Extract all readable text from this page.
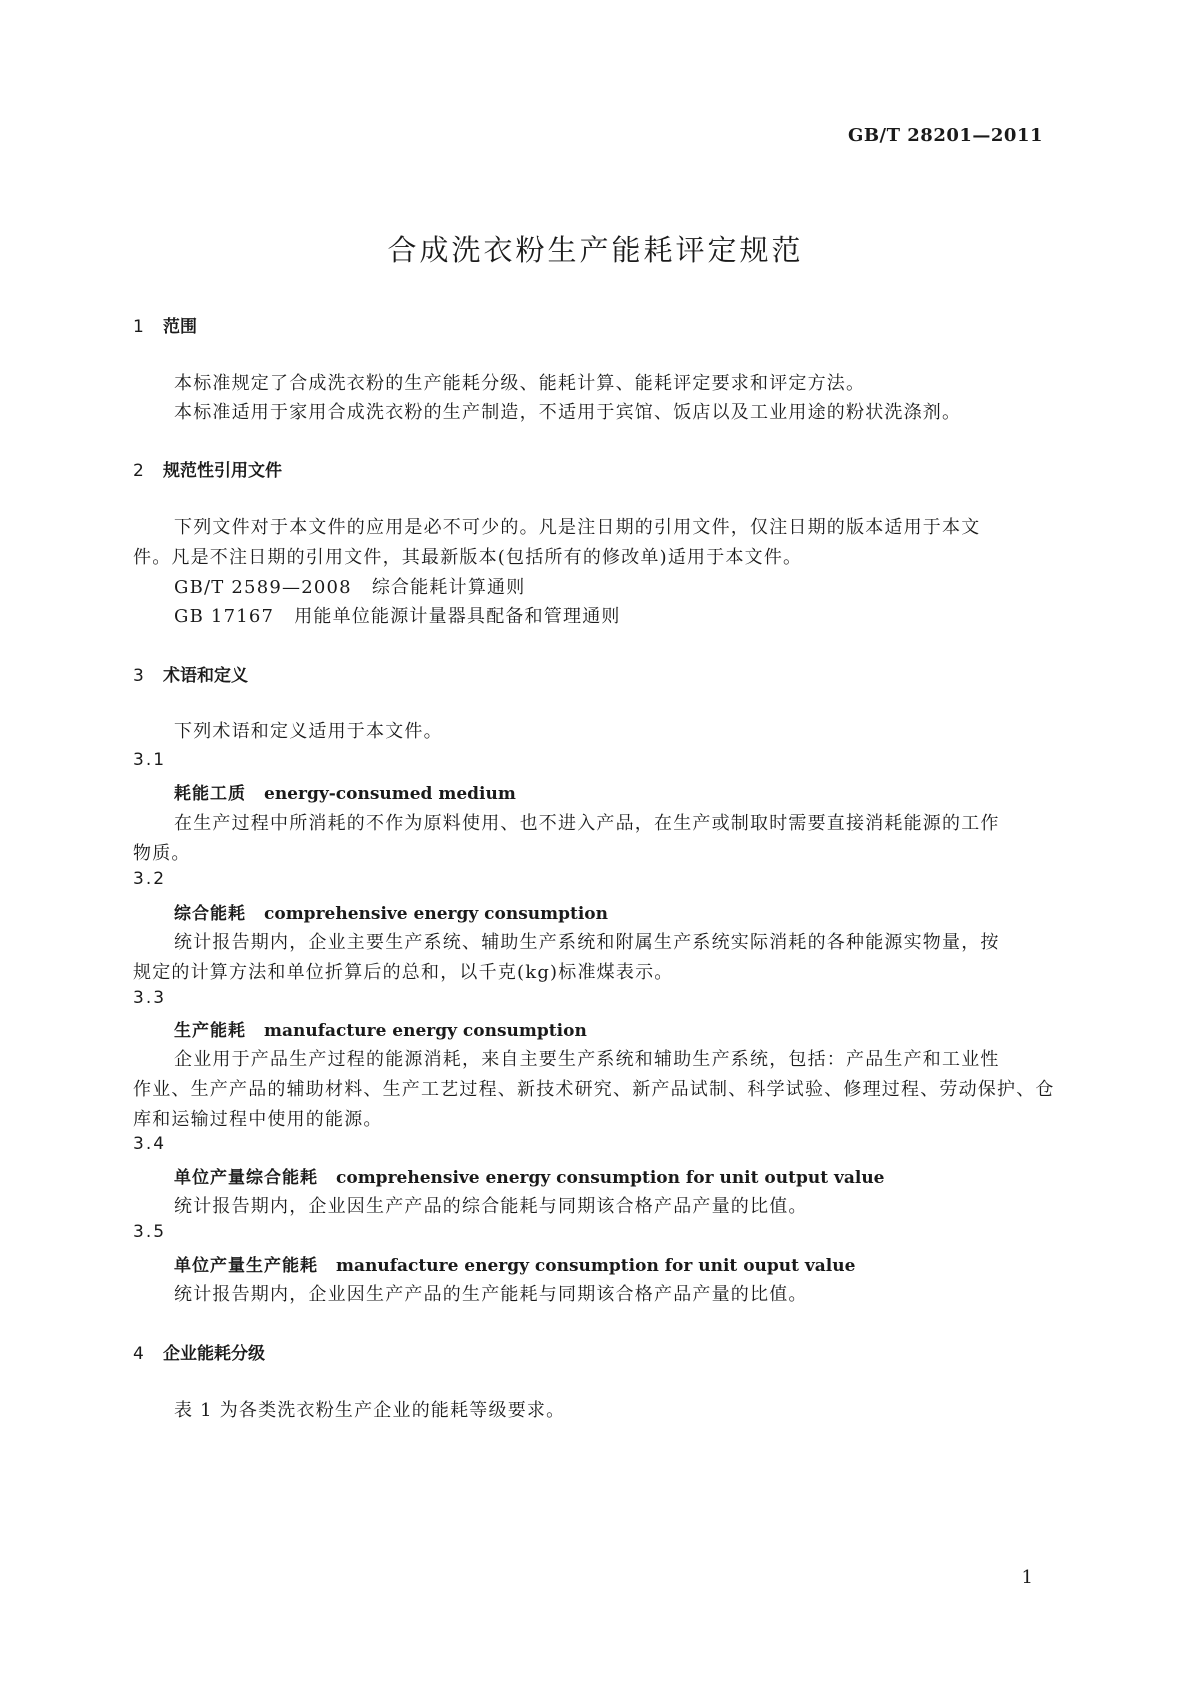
GB/T 28201—2011
合成洗衣粉生产能耗评定规范
1 范围
本标准规定了合成洗衣粉的生产能耗分级、能耗计算、能耗评定要求和评定方法。
本标准适用于家用合成洗衣粉的生产制造，不适用于宾馆、饭店以及工业用途的粉状洗涤剂。
2 规范性引用文件
下列文件对于本文件的应用是必不可少的。凡是注日期的引用文件，仅注日期的版本适用于本文
件。凡是不注日期的引用文件，其最新版本(包括所有的修改单)适用于本文件。
GB/T 2589—2008 综合能耗计算通则
GB 17167 用能单位能源计量器具配备和管理通则
3 术语和定义
下列术语和定义适用于本文件。
3.1
耗能工质 energy-consumed medium
在生产过程中所消耗的不作为原料使用、也不进入产品，在生产或制取时需要直接消耗能源的工作
物质。
3.2
综合能耗 comprehensive energy consumption
统计报告期内，企业主要生产系统、辅助生产系统和附属生产系统实际消耗的各种能源实物量，按
规定的计算方法和单位折算后的总和，以千克(kg)标准煤表示。
3.3
生产能耗 manufacture energy consumption
企业用于产品生产过程的能源消耗，来自主要生产系统和辅助生产系统，包括：产品生产和工业性
作业、生产产品的辅助材料、生产工艺过程、新技术研究、新产品试制、科学试验、修理过程、劳动保护、仓
库和运输过程中使用的能源。
3.4
单位产量综合能耗 comprehensive energy consumption for unit output value
统计报告期内，企业因生产产品的综合能耗与同期该合格产品产量的比值。
3.5
单位产量生产能耗 manufacture energy consumption for unit ouput value
统计报告期内，企业因生产产品的生产能耗与同期该合格产品产量的比值。
4 企业能耗分级
表 1 为各类洗衣粉生产企业的能耗等级要求。
1
